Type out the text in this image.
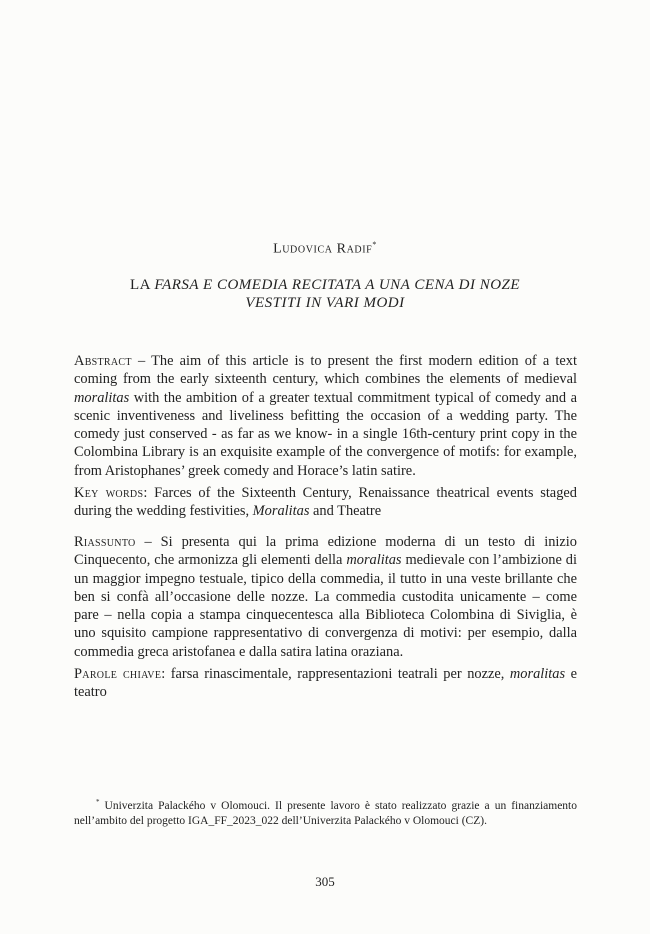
Ludovica Radif*
LA FARSA E COMEDIA RECITATA A UNA CENA DI NOZE
VESTITI IN VARI MODI

Abstract – The aim of this article is to present the first modern edition of a text coming from the early sixteenth century, which combines the elements of medieval moralitas with the ambition of a greater textual commitment typical of comedy and a scenic inventiveness and liveliness befitting the occasion of a wedding party. The comedy just conserved - as far as we know- in a single 16th-century print copy in the Colombina Library is an exquisite example of the convergence of motifs: for example, from Aristophanes’ greek comedy and Horace’s latin satire.

Key words: Farces of the Sixteenth Century, Renaissance theatrical events staged during the wedding festivities, Moralitas and Theatre

Riassunto – Si presenta qui la prima edizione moderna di un testo di inizio Cinquecento, che armonizza gli elementi della moralitas medievale con l’ambizione di un maggior impegno testuale, tipico della commedia, il tutto in una veste brillante che ben si confà all’occasione delle nozze. La commedia custodita unicamente – come pare – nella copia a stampa cinquecentesca alla Biblioteca Colombina di Siviglia, è uno squisito campione rappresentativo di convergenza di motivi: per esempio, dalla commedia greca aristofanea e dalla satira latina oraziana.

Parole chiave: farsa rinascimentale, rappresentazioni teatrali per nozze, moralitas e teatro

* Univerzita Palackého v Olomouci. Il presente lavoro è stato realizzato grazie a un finanziamento nell’ambito del progetto IGA_FF_2023_022 dell’Univerzita Palackého v Olomouci (CZ).

305
